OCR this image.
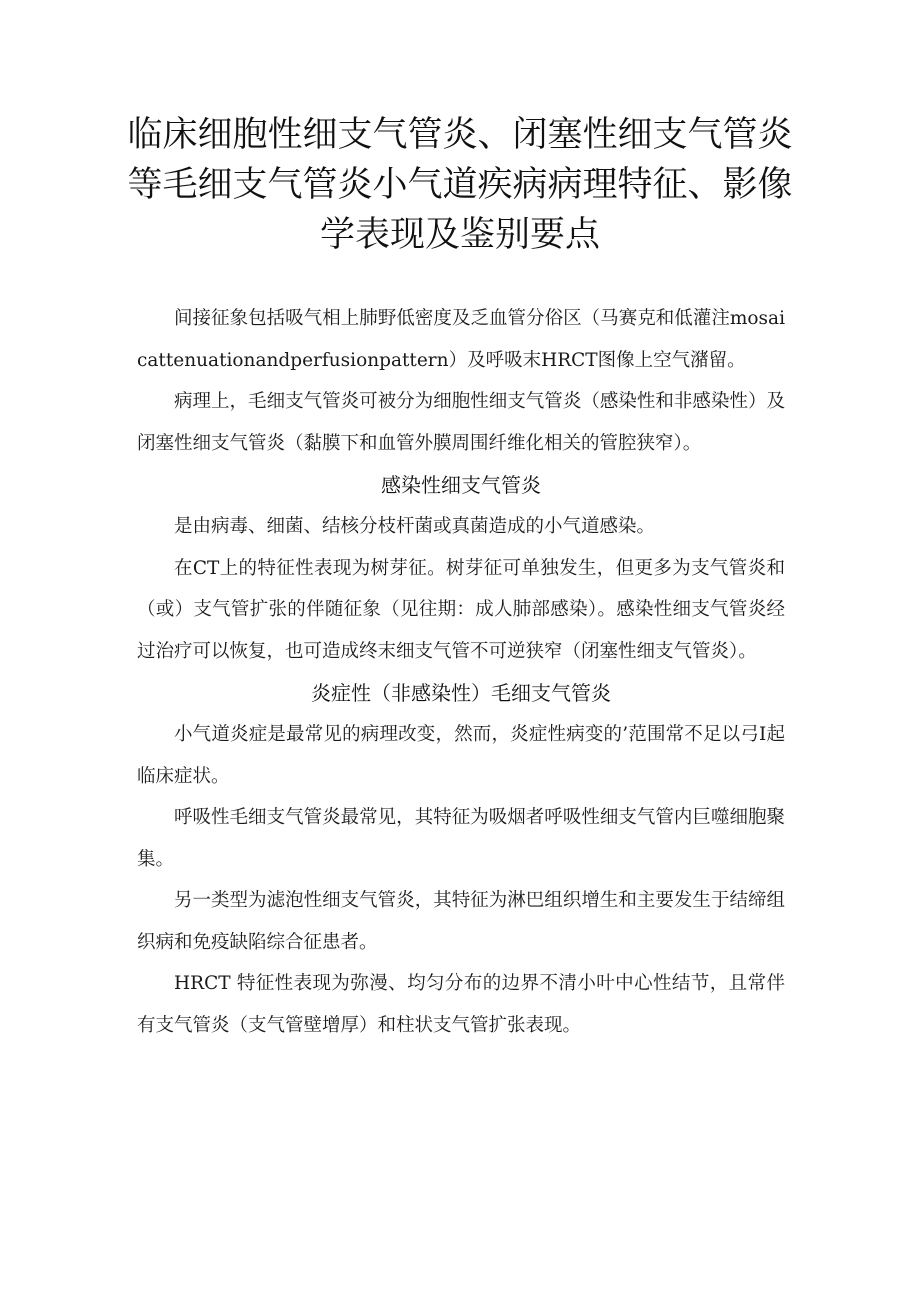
临床细胞性细支气管炎、闭塞性细支气管炎等毛细支气管炎小气道疾病病理特征、影像学表现及鉴别要点

间接征象包括吸气相上肺野低密度及乏血管分俗区（马赛克和低灌注mosaicattenuationandperfusionpattern）及呼吸末HRCT图像上空气潴留。

病理上，毛细支气管炎可被分为细胞性细支气管炎（感染性和非感染性）及闭塞性细支气管炎（黏膜下和血管外膜周围纤维化相关的管腔狭窄）。

感染性细支气管炎

是由病毒、细菌、结核分枝杆菌或真菌造成的小气道感染。

在CT上的特征性表现为树芽征。树芽征可单独发生，但更多为支气管炎和（或）支气管扩张的伴随征象（见往期：成人肺部感染）。感染性细支气管炎经过治疗可以恢复，也可造成终末细支气管不可逆狭窄（闭塞性细支气管炎）。

炎症性（非感染性）毛细支气管炎

小气道炎症是最常见的病理改变，然而，炎症性病变的’范围常不足以弓I起临床症状。

呼吸性毛细支气管炎最常见，其特征为吸烟者呼吸性细支气管内巨噬细胞聚集。

另一类型为滤泡性细支气管炎，其特征为淋巴组织增生和主要发生于结缔组织病和免疫缺陷综合征患者。

HRCT 特征性表现为弥漫、均匀分布的边界不清小叶中心性结节，且常伴有支气管炎（支气管壁增厚）和柱状支气管扩张表现。
